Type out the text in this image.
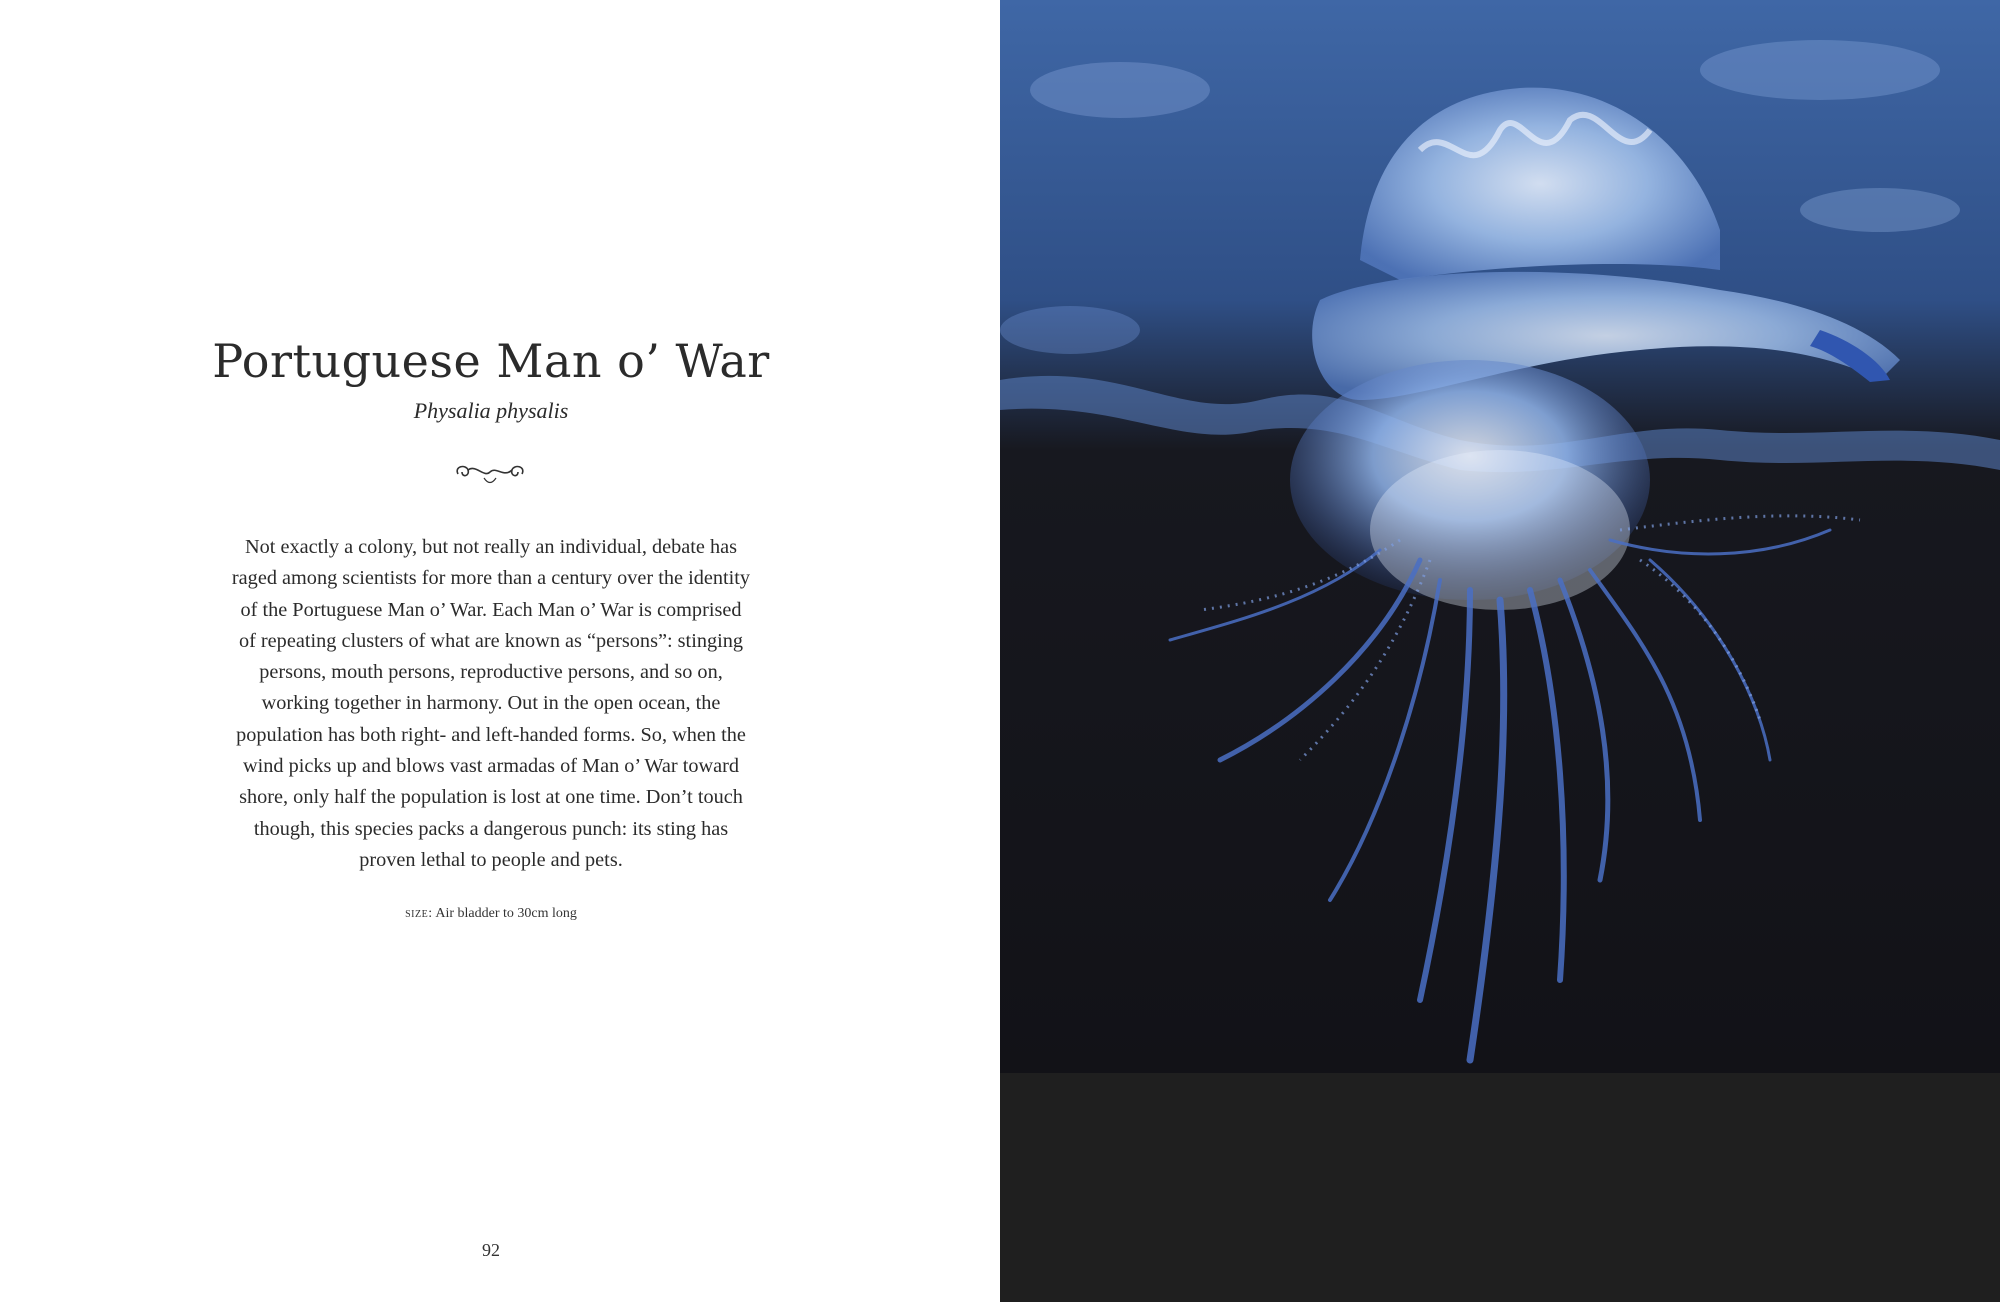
Portuguese Man o’ War
Physalia physalis
Not exactly a colony, but not really an individual, debate has
raged among scientists for more than a century over the identity
of the Portuguese Man o’ War. Each Man o’ War is comprised
of repeating clusters of what are known as “persons”: stinging
persons, mouth persons, reproductive persons, and so on,
working together in harmony. Out in the open ocean, the
population has both right- and left-handed forms. So, when the
wind picks up and blows vast armadas of Man o’ War toward
shore, only half the population is lost at one time. Don’t touch
though, this species packs a dangerous punch: its sting has
proven lethal to people and pets.
size: Air bladder to 30cm long
92
